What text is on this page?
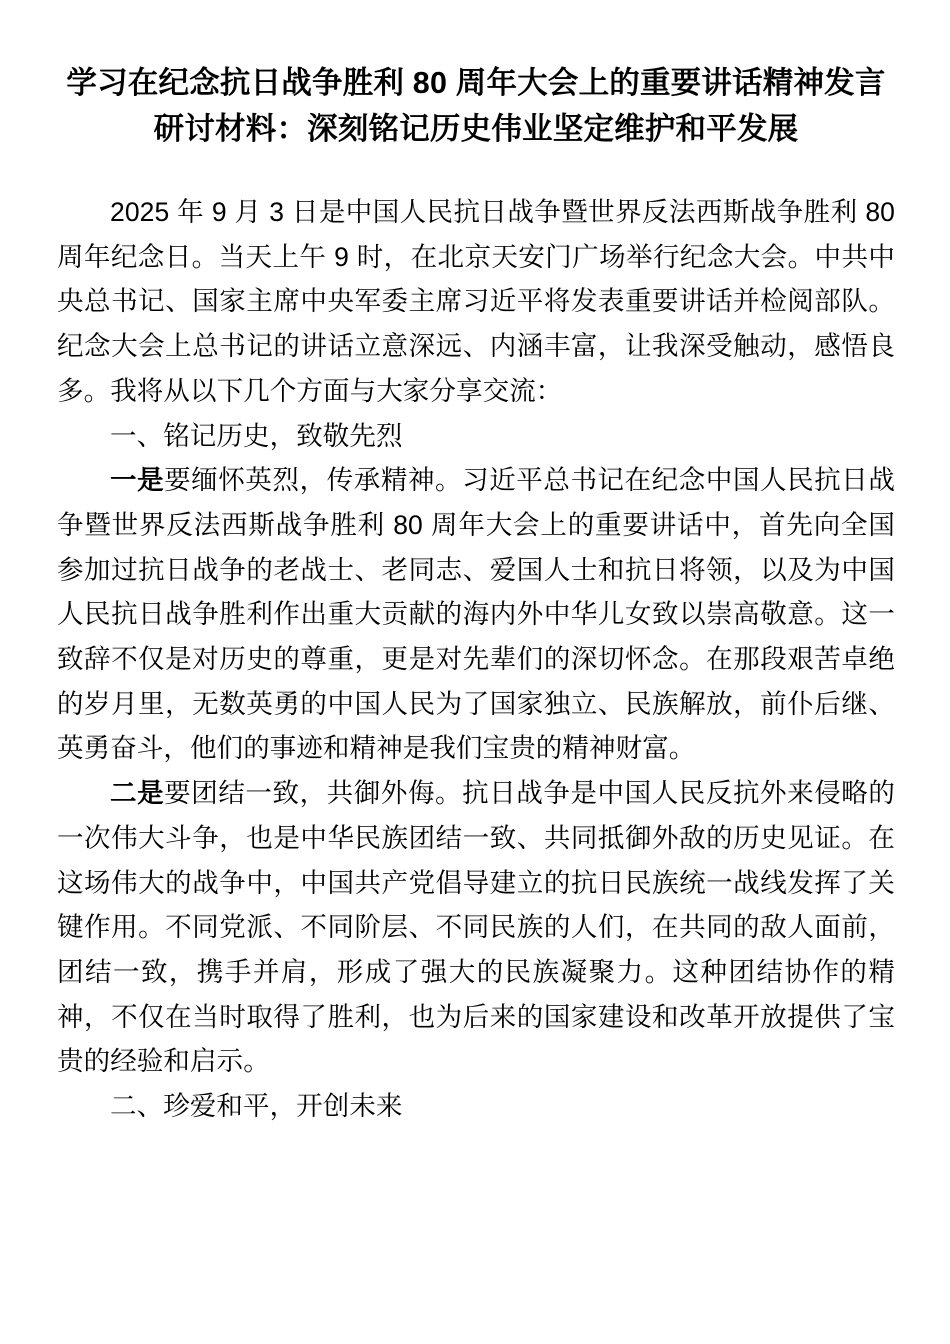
学习在纪念抗日战争胜利 80 周年大会上的重要讲话精神发言研讨材料：深刻铭记历史伟业坚定维护和平发展

2025 年 9 月 3 日是中国人民抗日战争暨世界反法西斯战争胜利 80 周年纪念日。当天上午 9 时，在北京天安门广场举行纪念大会。中共中央总书记、国家主席中央军委主席习近平将发表重要讲话并检阅部队。纪念大会上总书记的讲话立意深远、内涵丰富，让我深受触动，感悟良多。我将从以下几个方面与大家分享交流：

一、铭记历史，致敬先烈

一是要缅怀英烈，传承精神。习近平总书记在纪念中国人民抗日战争暨世界反法西斯战争胜利 80 周年大会上的重要讲话中，首先向全国参加过抗日战争的老战士、老同志、爱国人士和抗日将领，以及为中国人民抗日战争胜利作出重大贡献的海内外中华儿女致以崇高敬意。这一致辞不仅是对历史的尊重，更是对先辈们的深切怀念。在那段艰苦卓绝的岁月里，无数英勇的中国人民为了国家独立、民族解放，前仆后继、英勇奋斗，他们的事迹和精神是我们宝贵的精神财富。

二是要团结一致，共御外侮。抗日战争是中国人民反抗外来侵略的一次伟大斗争，也是中华民族团结一致、共同抵御外敌的历史见证。在这场伟大的战争中，中国共产党倡导建立的抗日民族统一战线发挥了关键作用。不同党派、不同阶层、不同民族的人们，在共同的敌人面前，团结一致，携手并肩，形成了强大的民族凝聚力。这种团结协作的精神，不仅在当时取得了胜利，也为后来的国家建设和改革开放提供了宝贵的经验和启示。

二、珍爱和平，开创未来
